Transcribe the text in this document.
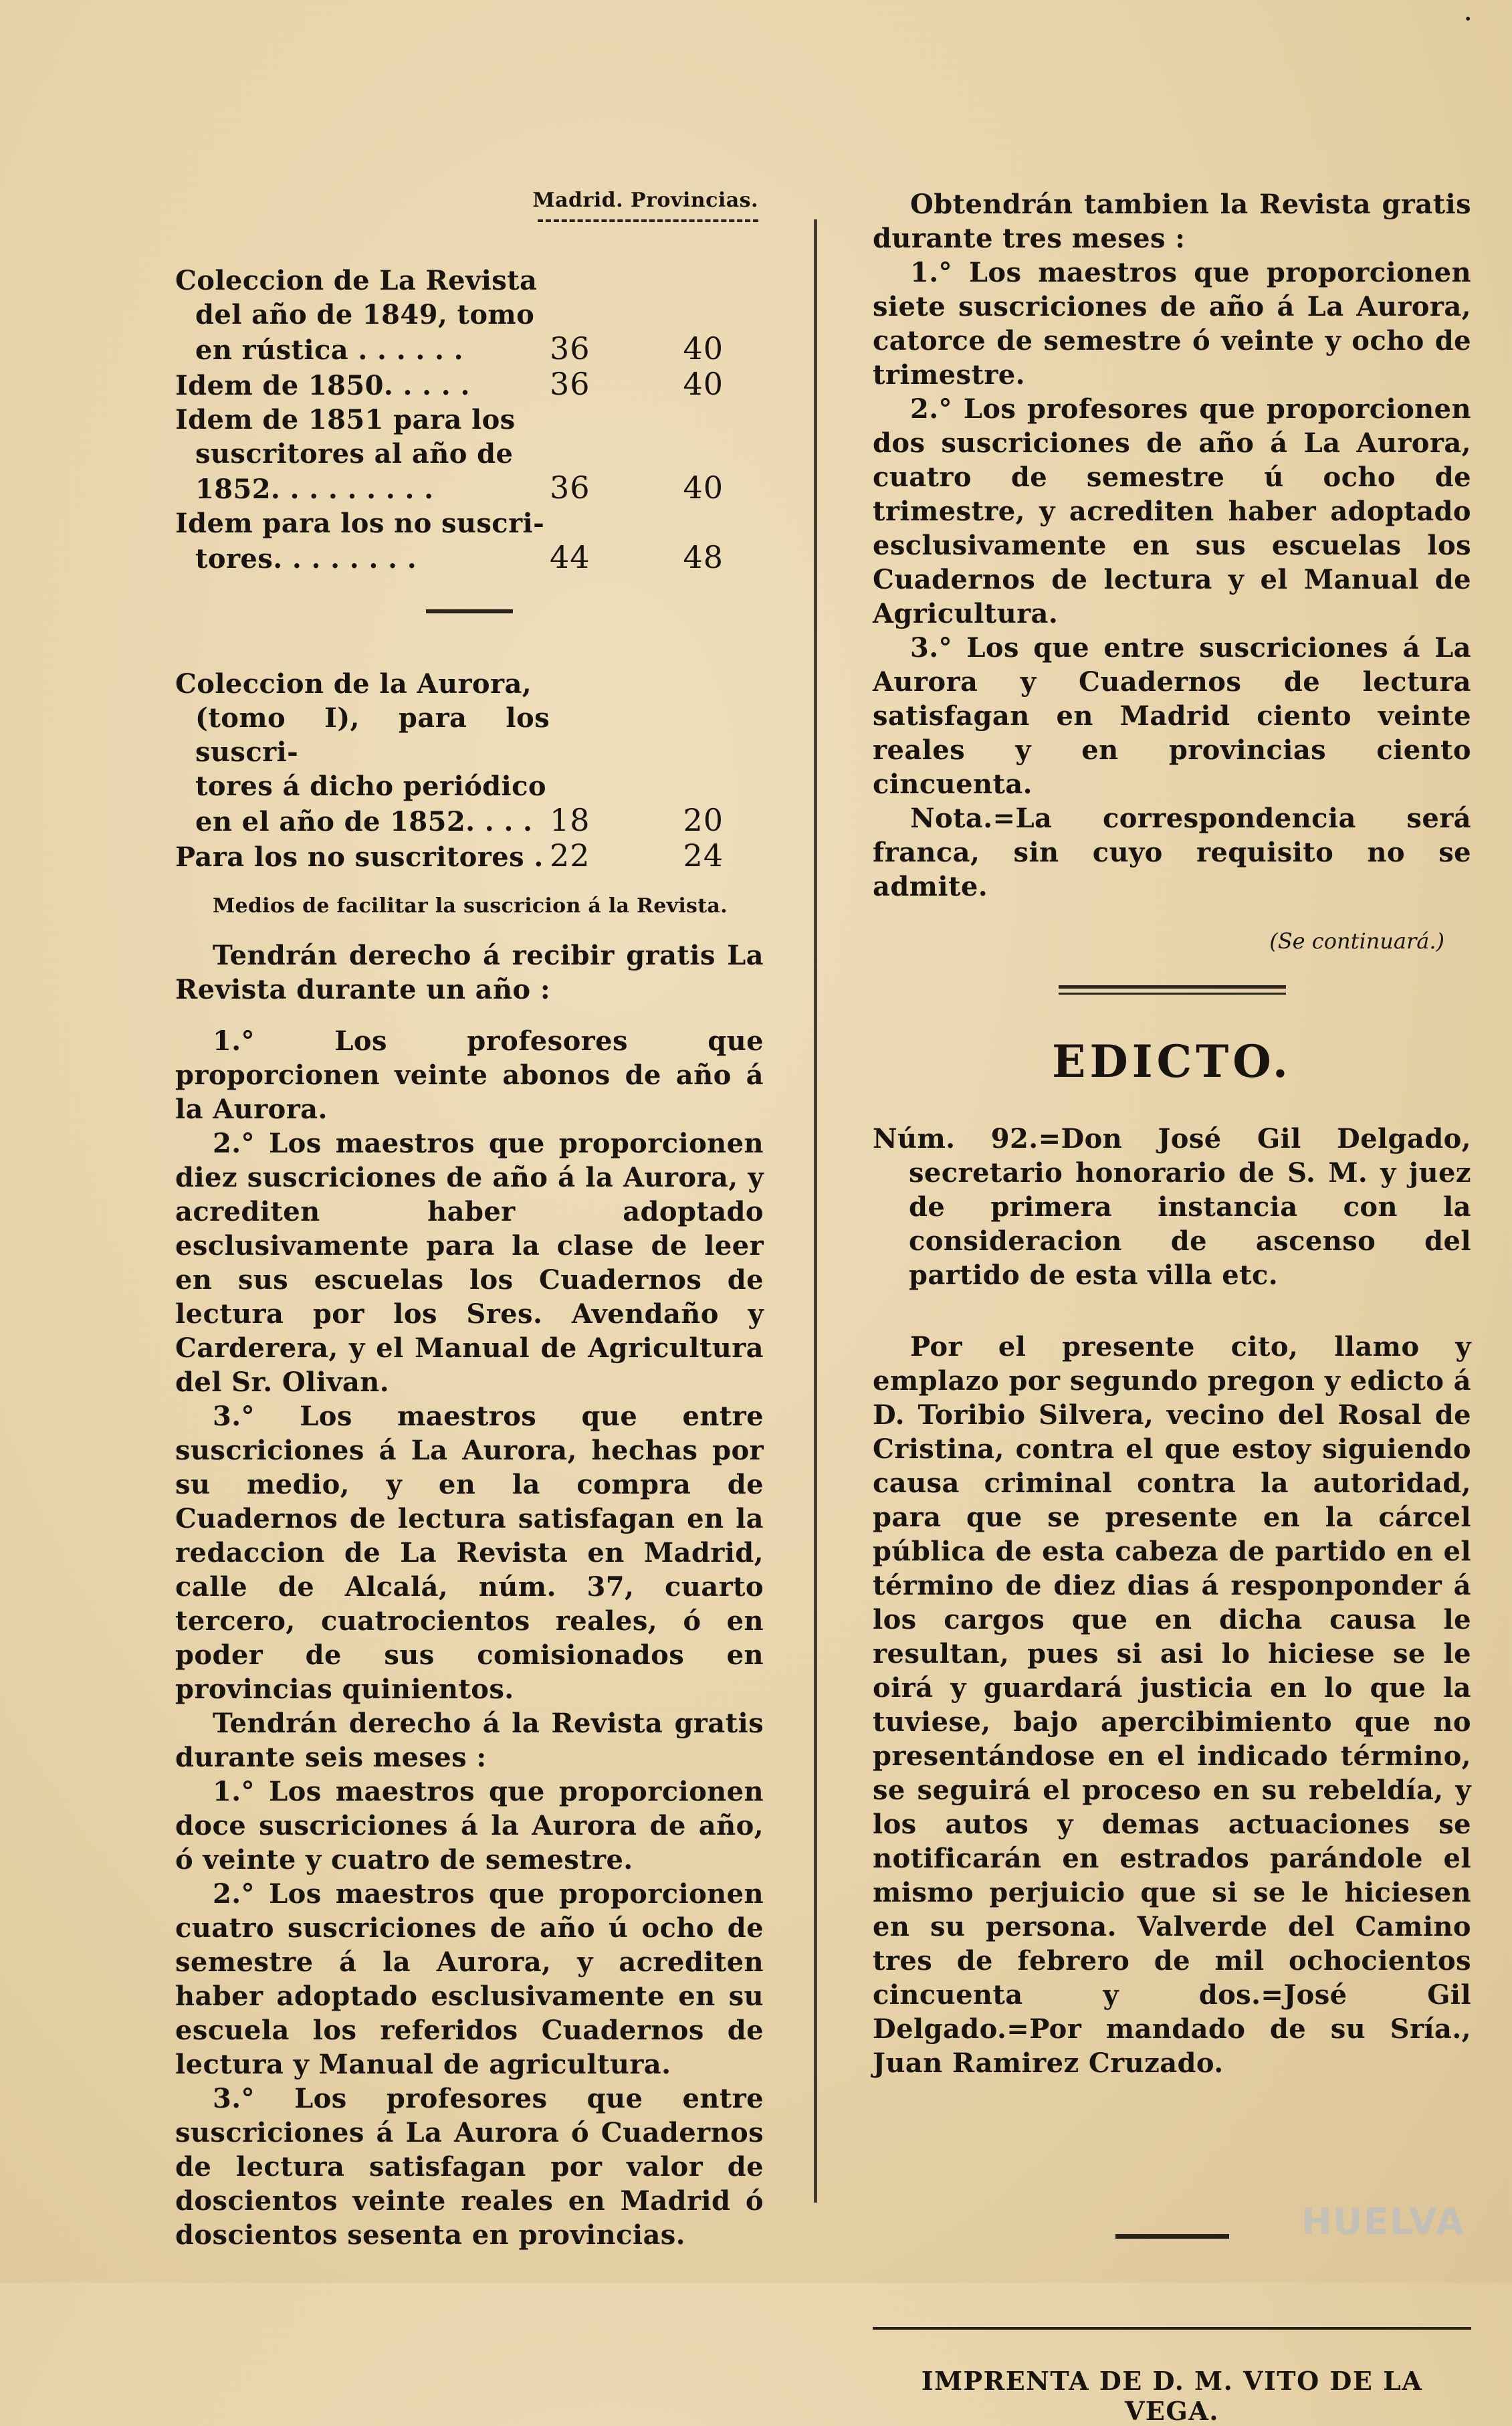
•
Madrid. Provincias.
Coleccion de La Revista
del año de 1849, tomo
en rústica . . . . . .	36	40
Idem de 1850. . . . .	36	40
Idem de 1851 para los
suscritores al año de
1852. . . . . . . . .	36	40
Idem para los no suscri-
tores. . . . . . . .	44	48
Coleccion de la Aurora,
(tomo I), para los suscri-
tores á dicho periódico
en el año de 1852. . . . 18	20
Para los no suscritores . 22	24
Medios de facilitar la suscricion á la Revista.

Tendrán derecho á recibir gratis La Revista durante un año :

1.° Los profesores que proporcionen veinte abonos de año á la Aurora.

2.° Los maestros que proporcionen diez suscriciones de año á la Aurora, y acrediten haber adoptado esclusivamente para la clase de leer en sus escuelas los Cuadernos de lectura por los Sres. Avendaño y Carderera, y el Manual de Agricultura del Sr. Olivan.

3.° Los maestros que entre suscriciones á La Aurora, hechas por su medio, y en la compra de Cuadernos de lectura satisfagan en la redaccion de La Revista en Madrid, calle de Alcalá, núm. 37, cuarto tercero, cuatrocientos reales, ó en poder de sus comisionados en provincias quinientos.

Tendrán derecho á la Revista gratis durante seis meses :

1.° Los maestros que proporcionen doce suscriciones á la Aurora de año, ó veinte y cuatro de semestre.

2.° Los maestros que proporcionen cuatro suscriciones de año ú ocho de semestre á la Aurora, y acrediten haber adoptado esclusivamente en su escuela los referidos Cuadernos de lectura y Manual de agricultura.

3.° Los profesores que entre suscriciones á La Aurora ó Cuadernos de lectura satisfagan por valor de doscientos veinte reales en Madrid ó doscientos sesenta en provincias.

Obtendrán tambien la Revista gratis durante tres meses :

1.° Los maestros que proporcionen siete suscriciones de año á La Aurora, catorce de semestre ó veinte y ocho de trimestre.

2.° Los profesores que proporcionen dos suscriciones de año á La Aurora, cuatro de semestre ú ocho de trimestre, y acrediten haber adoptado esclusivamente en sus escuelas los Cuadernos de lectura y el Manual de Agricultura.

3.° Los que entre suscriciones á La Aurora y Cuadernos de lectura satisfagan en Madrid ciento veinte reales y en provincias ciento cincuenta.

Nota.=La correspondencia será franca, sin cuyo requisito no se admite.

(Se continuará.)
EDICTO.

Núm. 92.=Don José Gil Delgado, secretario honorario de S. M. y juez de primera instancia con la consideracion de ascenso del partido de esta villa etc.

Por el presente cito, llamo y emplazo por segundo pregon y edicto á D. Toribio Silvera, vecino del Rosal de Cristina, contra el que estoy siguiendo causa criminal contra la autoridad, para que se presente en la cárcel pública de esta cabeza de partido en el término de diez dias á responponder á los cargos que en dicha causa le resultan, pues si asi lo hiciese se le oirá y guardará justicia en lo que la tuviese, bajo apercibimiento que no presentándose en el indicado término, se seguirá el proceso en su rebeldía, y los autos y demas actuaciones se notificarán en estrados parándole el mismo perjuicio que si se le hiciesen en su persona. Valverde del Camino tres de febrero de mil ochocientos cincuenta y dos.=José Gil Delgado.=Por mandado de su Sría., Juan Ramirez Cruzado.

IMPRENTA DE D. M. VITO DE LA VEGA.
HUELVA
